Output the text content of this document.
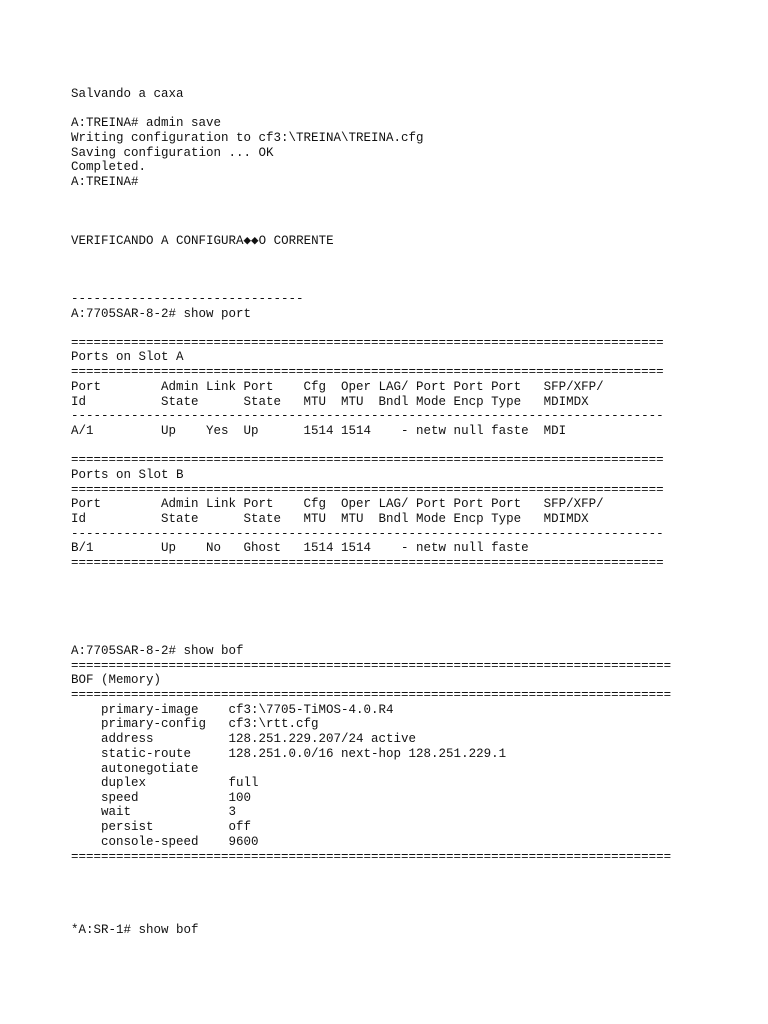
Salvando a caxa
A:TREINA# admin save
Writing configuration to cf3:\TREINA\TREINA.cfg
Saving configuration ... OK
Completed.
A:TREINA#
VERIFICANDO A CONFIGURA◆◆O CORRENTE
-------------------------------
A:7705SAR-8-2# show port
===============================================================================
Ports on Slot A
===============================================================================
Port        Admin Link Port    Cfg  Oper LAG/ Port Port Port   SFP/XFP/
Id          State      State   MTU  MTU  Bndl Mode Encp Type   MDIMDX
-------------------------------------------------------------------------------
A/1         Up    Yes  Up      1514 1514    - netw null faste  MDI
===============================================================================
Ports on Slot B
===============================================================================
Port        Admin Link Port    Cfg  Oper LAG/ Port Port Port   SFP/XFP/
Id          State      State   MTU  MTU  Bndl Mode Encp Type   MDIMDX
-------------------------------------------------------------------------------
B/1         Up    No   Ghost   1514 1514    - netw null faste
===============================================================================
A:7705SAR-8-2# show bof
================================================================================
BOF (Memory)
================================================================================
primary-image    cf3:\7705-TiMOS-4.0.R4
primary-config   cf3:\rtt.cfg
address          128.251.229.207/24 active
static-route     128.251.0.0/16 next-hop 128.251.229.1
autonegotiate
duplex           full
speed            100
wait             3
persist          off
console-speed    9600
================================================================================
*A:SR-1# show bof
